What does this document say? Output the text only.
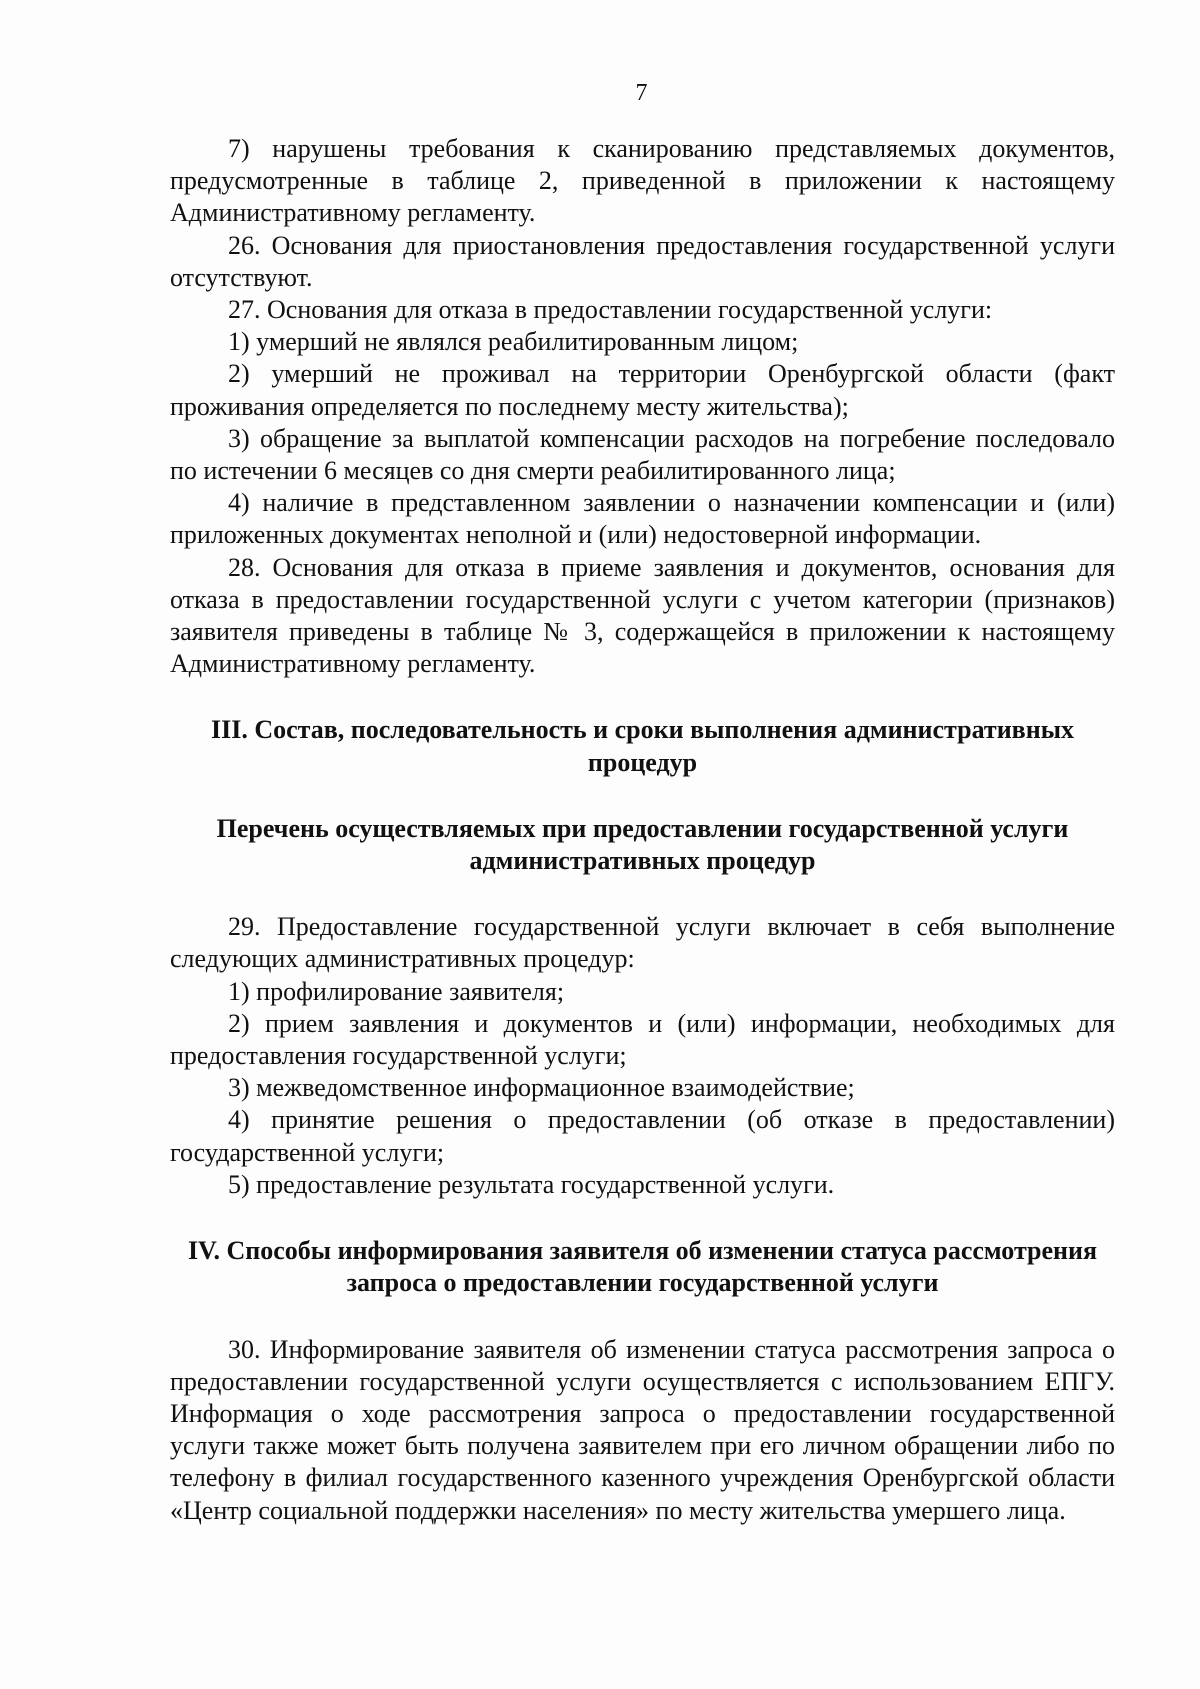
7

7) нарушены требования к сканированию представляемых документов, предусмотренные в таблице 2, приведенной в приложении к настоящему Административному регламенту.

26. Основания для приостановления предоставления государственной услуги отсутствуют.

27. Основания для отказа в предоставлении государственной услуги:

1) умерший не являлся реабилитированным лицом;

2) умерший не проживал на территории Оренбургской области (факт проживания определяется по последнему месту жительства);

3) обращение за выплатой компенсации расходов на погребение последовало по истечении 6 месяцев со дня смерти реабилитированного лица;

4) наличие в представленном заявлении о назначении компенсации и (или) приложенных документах неполной и (или) недостоверной информации.

28. Основания для отказа в приеме заявления и документов, основания для отказа в предоставлении государственной услуги с учетом категории (признаков) заявителя приведены в таблице № 3, содержащейся в приложении к настоящему Административному регламенту.

III. Состав, последовательность и сроки выполнения административных процедур

Перечень осуществляемых при предоставлении государственной услуги административных процедур

29. Предоставление государственной услуги включает в себя выполнение следующих административных процедур:

1) профилирование заявителя;

2) прием заявления и документов и (или) информации, необходимых для предоставления государственной услуги;

3) межведомственное информационное взаимодействие;

4) принятие решения о предоставлении (об отказе в предоставлении) государственной услуги;

5) предоставление результата государственной услуги.

IV. Способы информирования заявителя об изменении статуса рассмотрения запроса о предоставлении государственной услуги

30. Информирование заявителя об изменении статуса рассмотрения запроса о предоставлении государственной услуги осуществляется с использованием ЕПГУ. Информация о ходе рассмотрения запроса о предоставлении государственной услуги также может быть получена заявителем при его личном обращении либо по телефону в филиал государственного казенного учреждения Оренбургской области «Центр социальной поддержки населения» по месту жительства умершего лица.
